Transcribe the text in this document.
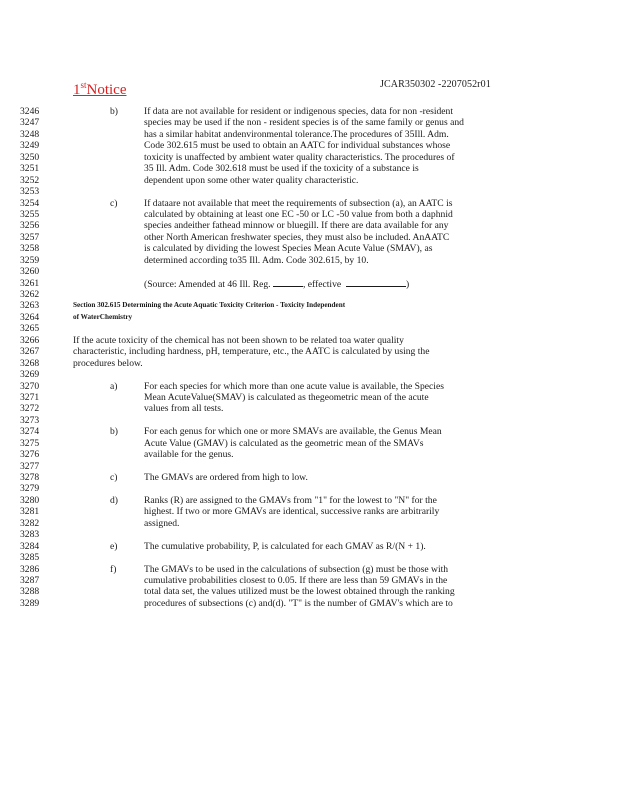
1stNotice	JCAR350302 -2207052r01
3246	b)	If data are not available for resident or indigenous species, data for non -resident
3247	species may be used if the non - resident species is of the same family or genus and
3248	has a similar habitat andenvironmental tolerance.The procedures of 35Ill. Adm.
3249	Code 302.615 must be used to obtain an AATC for individual substances whose
3250	toxicity is unaffected by ambient water quality characteristics. The procedures of
3251	35 Ill. Adm. Code 302.618 must be used if the toxicity of a substance is
3252	dependent upon some other water quality characteristic.
3253
3254	c)	If dataare not available that meet the requirements of subsection (a), an AATC is
3255	calculated by obtaining at least one EC -50 or LC -50 value from both a daphnid
3256	species andeither fathead minnow or bluegill. If there are data available for any
3257	other North American freshwater species, they must also be included. AnAATC
3258	is calculated by dividing the lowest Species Mean Acute Value (SMAV), as
3259	determined according to35 Ill. Adm. Code 302.615, by 10.
3260
3261	(Source: Amended at 46 Ill. Reg.	, effective	)
3262
3263	Section 302.615 Determining the Acute Aquatic Toxicity Criterion - Toxicity Independent
3264	of WaterChemistry
3265
3266	If the acute toxicity of the chemical has not been shown to be related toa water quality
3267	characteristic, including hardness, pH, temperature, etc., the AATC is calculated by using the
3268	procedures below.
3269
3270	a)	For each species for which more than one acute value is available, the Species
3271	Mean AcuteValue(SMAV) is calculated as thegeometric mean of the acute
3272	values from all tests.
3273
3274	b)	For each genus for which one or more SMAVs are available, the Genus Mean
3275	Acute Value (GMAV) is calculated as the geometric mean of the SMAVs
3276	available for the genus.
3277
3278	c)	The GMAVs are ordered from high to low.
3279
3280	d)	Ranks (R) are assigned to the GMAVs from "1" for the lowest to "N" for the
3281	highest. If two or more GMAVs are identical, successive ranks are arbitrarily
3282	assigned.
3283
3284	e)	The cumulative probability, P, is calculated for each GMAV as R/(N + 1).
3285
3286	f)	The GMAVs to be used in the calculations of subsection (g) must be those with
3287	cumulative probabilities closest to 0.05. If there are less than 59 GMAVs in the
3288	total data set, the values utilized must be the lowest obtained through the ranking
3289	procedures of subsections (c) and(d). "T" is the number of GMAV's which are to
